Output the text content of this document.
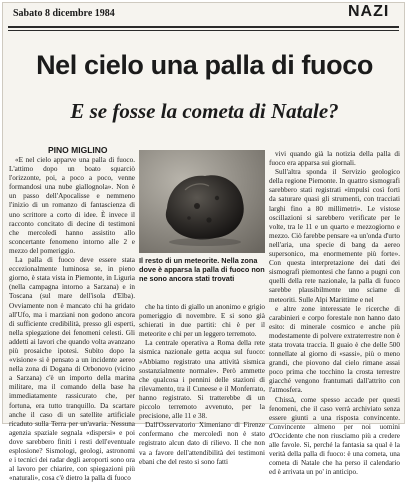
Sabato 8 dicembre 1984	NAZI
Nel cielo una palla di fuoco
E se fosse la cometa di Natale?
PINO MIGLINO

«E nel cielo apparve una palla di fuoco. L'attimo dopo un boato squarciò l'orizzonte, poi, a poco a poco, venne formandosi una nube giallognola». Non è un passo dell'Apocalisse e nemmeno l'inizio di un romanzo di fantascienza di uno scrittore a corto di idee. È invece il racconto concitato di decine di testimoni che mercoledì hanno assistito allo sconcertante fenomeno intorno alle 2 e mezzo del pomeriggio.

La palla di fuoco deve essere stata eccezionalmente luminosa se, in pieno giorno, è stata vista in Piemonte, in Liguria (nella campagna intorno a Sarzana) e in Toscana (sul mare dell'isola d'Elba). Ovviamente non è mancato chi ha gridato all'Ufo, ma i marziani non godono ancora di sufficiente credibilità, presso gli esperti, nella spiegazione dei fenomeni celesti. Gli addetti ai lavori che quando volta avanzano più prosaiche ipotesi. Subito dopo la «visione» si è pensato a un incidente aereo nella zona di Dogana di Orbonovo (vicino a Sarzana) c'è un importo della marina militare, ma il comando della base ha immediatamente rassicurato che, per fortuna, era tutto tranquillo. Da scartare anche il caso di un satellite artificiale ricaduto sulla Terra per un'avaria. Nessuna agenzia spaziale segnala «dispersi» e poi dove sarebbero finiti i resti dell'eventuale esplosione? Sismologi, geologi, astronomi e i tecnici dei radar degli aeroporti sono ora al lavoro per chiarire, con spiegazioni più «naturali», cosa c'è dietro la palla di fuoco

Il resto di un meteorite. Nella zona dove è apparsa la palla di fuoco non ne sono ancora stati trovati

che ha tinto di giallo un anonimo e grigio pomeriggio di novembre. E si sono già schierati in due partiti: chi è per il meteorite e chi per un leggero terremoto.

La centrale operativa a Roma della rete sismica nazionale getta acqua sul fuoco: «Abbiamo registrato una attività sismica sostanzialmente normale». Però ammette che qualcosa i pennini delle stazioni di rilevamento, tra il Cuneese e il Monferrato, hanno registrato. Si tratterebbe di un piccolo terremoto avvenuto, per la precisione, alle 11 e 38.

Dall'Osservatorio Ximeniano di Firenze confermano che mercoledì non è stato registrato alcun dato di rilievo. Il che non va a favore dell'attendibilità dei testimoni ebani che del resto si sono fatti

vivi quando già la notizia della palla di fuoco era apparsa sui giornali.

Sull'altra sponda il Servizio geologico della regione Piemonte. In quattro sismografi sarebbero stati registrati «impulsi così forti da saturare quasi gli strumenti, con tracciati larghi fino a 80 millimetri». Le vistose oscillazioni si sarebbero verificate per le volte, tra le 11 e un quarto e mezzogiorno e mezzo. Ciò farebbe pensare «a un'onda d'urto nell'aria, una specie di bang da aereo supersonico, ma enormemente più forte». Con questa interpretazione dei dati dei sismografi piemontesi che fanno a pugni con quelli della rete nazionale, la palla di fuoco sarebbe plausibilmente uno sciame di meteoriti. Sulle Alpi Marittime e nel

e altre zone interessate le ricerche di carabinieri e corpo forestale non hanno dato esito: di minerale cosmico e anche più modestamente di polvere extraterrestre non è stata trovata traccia. Il guaio è che delle 500 tonnellate al giorno di «sassi», più o meno grandi, che piovono dal cielo rimane assai poco prima che tocchino la crosta terrestre giacché vengono frantumati dall'attrito con l'atmosfera.

Chissà, come spesso accade per questi fenomeni, che il caso verrà archiviato senza essere giunti a una risposta convincente. Convincente almeno per noi uomini d'Occidente che non riusciamo più a credere alle favole. Sì, perché la fantasia sa qual è la verità della palla di fuoco: è una cometa, una cometa di Natale che ha perso il calendario ed è arrivata un po' in anticipo.
